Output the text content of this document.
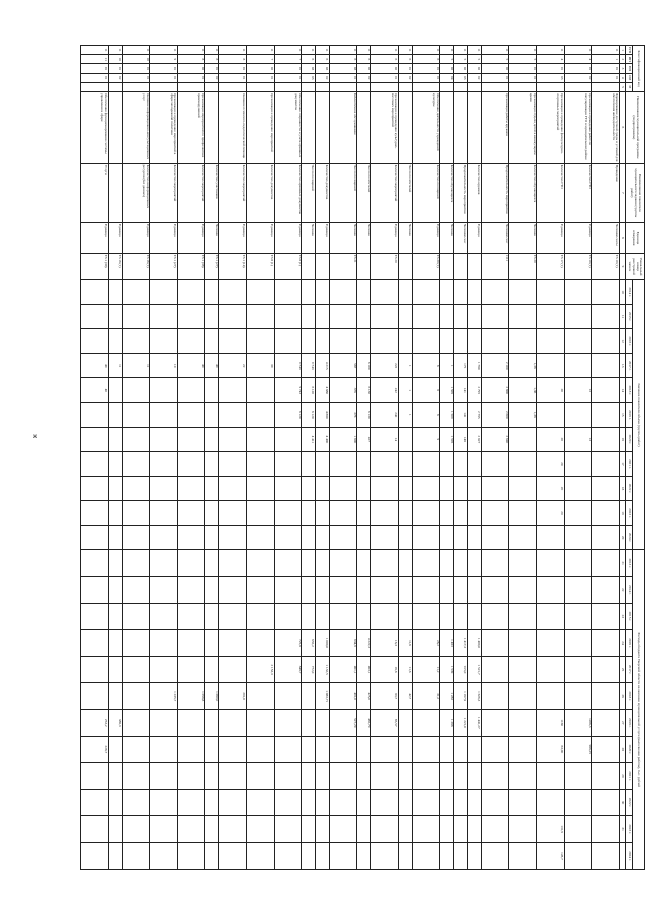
ж
Классификационный код					Наименование муниципальной программы (подпрограммы)	Наименование показателя муниципального задания (группы работ)	Единица измерения	Уникальный номер реестровой записи	Значение показателя объема (группы работ)											Расходы бюджета Тверской области на оказание муниципальной услуги (выполнение работы), тыс. рублей											
П/П	ИП	НП	ОМ	М					2014 г.	2015 г.	2016 г.	2017 г.	2018 г.	2019 г.	2020 г.	2021 г.	2022 г.	2023 г.	2024 г.	2013 г.	2014 г.	2015 г.	2016 г.	2017 г.	2018 г.	2019 г.	2020 г.	2021 г.	2022 г.	2023 г.	2024 г.
1	2	3	4	5	6	7	8	9	10	11	12	13	14	15	16	17	18	19	20	21	22	23	24	25	26	27	28	29	30	31	
11	1	01	01		Формирование доступной среды и условий для обеспечения жизнедеятельности	Проведение	Человеко-часы	ТЗ.10 (1)																							
11	4	01	02		Организация и проведение работ по популяризации ГТО в муниципальном районе	Количество ГТО	Единица	ТЗ.10 (1)					13		13											1206,3	966,25				
11	4	01	03		Организация и проведение физкультурно-спортивных мероприятий	Количество ГТО	Единица	ТЗ.17 (1)					20		20	20	20	20								1160	63,00			131,9	128,7
11	5	01	01		Организация отдыха детей в каникулярное время	Количество обучающихся	Человек	ТЗ.20				1,36	1,36	1,36																	
11	5	02	01		Организация работы кружков	Продолжительность мероприятия	Человеко-час	1111				2 100	2 600	2 600	2 640																
11	5	02	02			Количество кружков	Единица					1 780	2 795	2 795	2 827								1 400,0	1 521,7	1 626,3	1 441,27					
11	5	02	03			Продолжительность мероприятия	Человеко-час					175	141	141	148								1 417,3	915,0	1 167,9	1 221,0					
11	5	02	04			Количество обучающихся	Человек					1	1 509	1 509	1 595								1 483	1 539	1 283	1 288					
11	6	01	01		Обеспечение деятельности учреждений культуры	Количество посещений	Единица	ТЗ.20 (1)				6	6	6	9								28,2	11,2	31,2						
11	6	01	02			Число посетителей	Человек					1	1	1									11,6	11,6	42,7						
11	6	02	01		Организация и проведение культурно-массовых мероприятий	Количество мероприятий	Единица	ТЗ.20				222	242	242	14								16,3	16,6	83,7	65,57					
11	6	02	02			Число посетителей	Человек					6 100	6 130	6 130	427								4 222,3	463,1	425,0	465,79					
11	6	03	01		Библиотечное обслуживание	Число посещений	Человек	ТЗ.21				587	376	376	1 600								634,9	461,1	401,0	527,29					
11	6	03	02			Количество документов	Единица					4 215	4 880	4 880	4 400								1 000,0	1 132,5	1 083,71						
11	6	03	03			Число посещений	Человек					9 743	6 120	6 120	4 411								655,2	772,0							
11	7	01	01		Обеспечение сохранности и учета архивных документов	Количество архивных документов	Единица	ТЗ.8 (1)				9 743	9 743	6 120									725,8	848,7							
11	7	02	01		Организация и проведение мероприятий	Количество документов	Единица	ТЗ.8 (1)				30												2 153,3							
11	8	01	01		Оказание психолого-педагогической помощи	Количество мероприятий	Единица	ТЗ.1 (14)				22													201,0						
11	8	01	02			Количество участников	Человек	ТЗ.1 (27)				40													1 090,0						
11	8	02	01		Организация мероприятий по профилактике правонарушений	Количество мероприятий	Единица	ТЗ.1 (36)				40													1 058,8						
11	9	01	01		Организация и проведение мероприятий в сфере молодежной политики	Количество мероприятий	Единица	ТЗ.1 (27)				10													1 235,7						
11	10	01	01		Оказание информационно-консультационных услуг	Количество информационных ресурсов (баз данных)	Единица	ТЗ.16 (1)				11																			
11	10	01	02				Единица	ТЗ.16 (1)				11														386,3					
11	11	01	01		Обеспечение функционирования системы управления в сфере	Услуги	Единица	ТЗ.1 (30)				40	40													253,2	228,7				
